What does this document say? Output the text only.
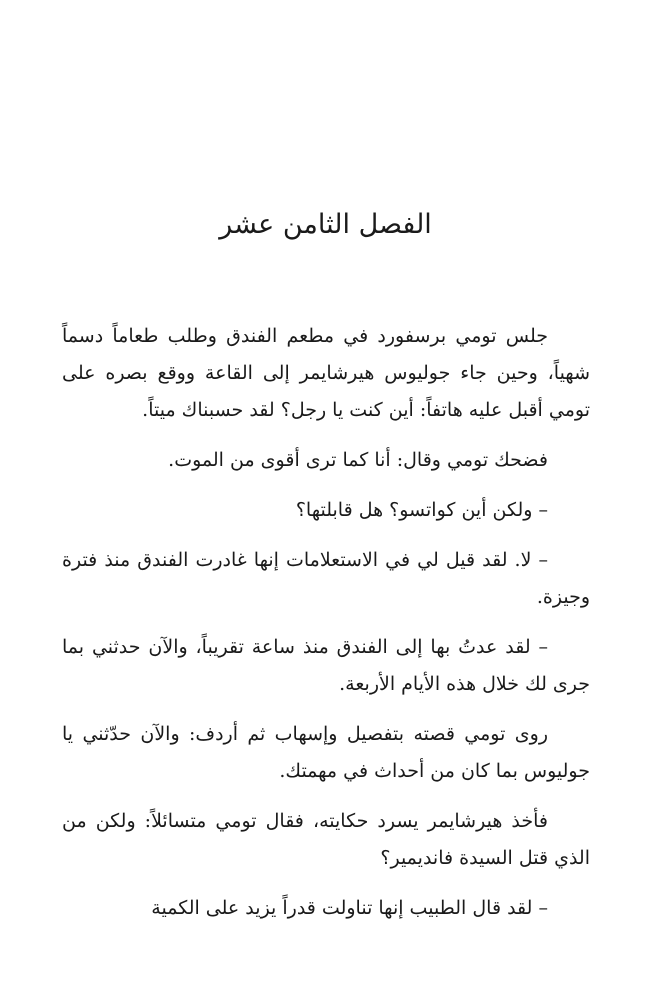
الفصل الثامن عشر

جلس تومي برسفورد في مطعم الفندق وطلب طعاماً دسماً شهياً، وحين جاء جوليوس هيرشايمر إلى القاعة ووقع بصره على تومي أقبل عليه هاتفاً: أين كنت يا رجل؟ لقد حسبناك ميتاً.

فضحك تومي وقال: أنا كما ترى أقوى من الموت.

– ولكن أين كواتسو؟ هل قابلتها؟

– لا. لقد قيل لي في الاستعلامات إنها غادرت الفندق منذ فترة وجيزة.

– لقد عدتُ بها إلى الفندق منذ ساعة تقريباً، والآن حدثني بما جرى لك خلال هذه الأيام الأربعة.

روى تومي قصته بتفصيل وإسهاب ثم أردف: والآن حدّثني يا جوليوس بما كان من أحداث في مهمتك.

فأخذ هيرشايمر يسرد حكايته، فقال تومي متسائلاً: ولكن من الذي قتل السيدة فانديمير؟

– لقد قال الطبيب إنها تناولت قدراً يزيد على الكمية
